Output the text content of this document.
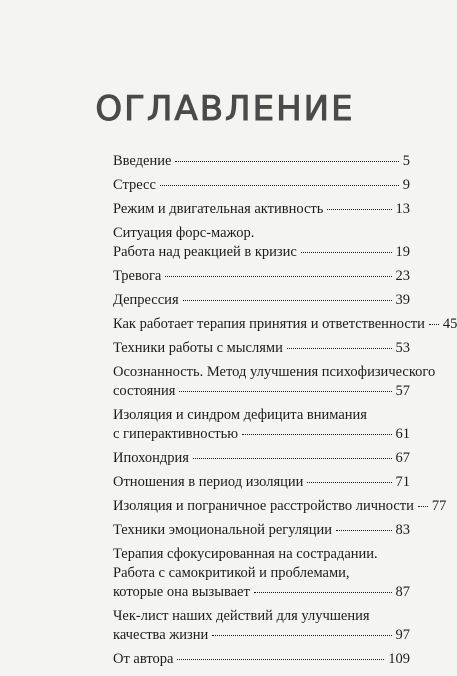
ОГЛАВЛЕНИЕ
Введение	5
Стресс	9
Режим и двигательная активность	13
Ситуация форс-мажор.
Работа над реакцией в кризис	19
Тревога	23
Депрессия	39
Как работает терапия принятия и ответственности 45
Техники работы с мыслями	53
Осознанность. Метод улучшения психофизического
состояния	57
Изоляция и синдром дефицита внимания
с гиперактивностью	61
Ипохондрия	67
Отношения в период изоляции	71
Изоляция и пограничное расстройство личности 77
Техники эмоциональной регуляции	83
Терапия сфокусированная на сострадании.
Работа с самокритикой и проблемами,
которые она вызывает	87
Чек-лист наших действий для улучшения
качества жизни	97
От автора	109
